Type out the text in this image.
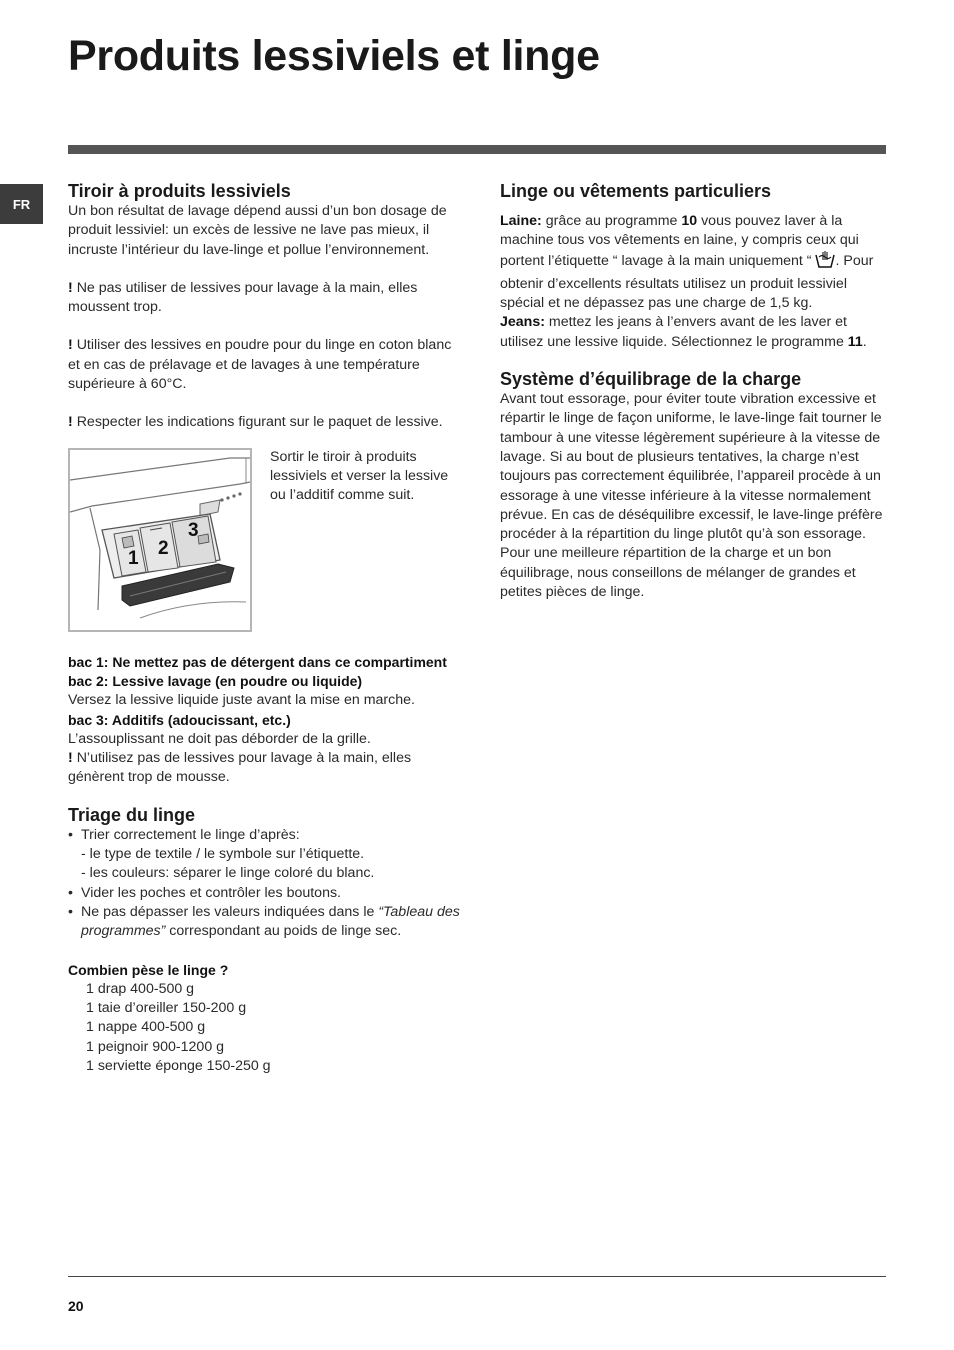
Produits lessiviels et linge
FR
Tiroir à produits lessiviels

Un bon résultat de lavage dépend aussi d’un bon dosage de produit lessiviel: un excès de lessive ne lave pas mieux, il incruste l’intérieur du lave-linge et pollue l’environnement.

! Ne pas utiliser de lessives pour lavage à la main, elles moussent trop.

! Utiliser des lessives en poudre pour du linge en coton blanc et en cas de prélavage et de lavages à une température supérieure à 60°C.

! Respecter les indications figurant sur le paquet de lessive.

1 2
3

Sortir le tiroir à produits lessiviels et verser la lessive ou l’additif comme suit.

bac 1: Ne mettez pas de détergent dans ce compartiment

bac 2: Lessive lavage (en poudre ou liquide)

Versez la lessive liquide juste avant la mise en marche.

bac 3: Additifs (adoucissant, etc.)

L’assouplissant ne doit pas déborder de la grille.

! N’utilisez pas de lessives pour lavage à la main, elles génèrent trop de mousse.

Triage du linge
• Trier correctement le linge d’après:
- le type de textile / le symbole sur l’étiquette.
- les couleurs: séparer le linge coloré du blanc.
• Vider les poches et contrôler les boutons.
• Ne pas dépasser les valeurs indiquées dans le “Tableau des programmes” correspondant au poids de linge sec.

Combien pèse le linge ?

1 drap 400-500 g

1 taie d’oreiller 150-200 g

1 nappe 400-500 g

1 peignoir 900-1200 g

1 serviette éponge 150-250 g

Linge ou vêtements particuliers

Laine: grâce au programme 10 vous pouvez laver à la machine tous vos vêtements en laine, y compris ceux qui portent l’étiquette “ lavage à la main uniquement “ . Pour obtenir d’excellents résultats utilisez un produit lessiviel spécial et ne dépassez pas une charge de 1,5 kg.

Jeans: mettez les jeans à l’envers avant de les laver et utilisez une lessive liquide. Sélectionnez le programme 11.

Système d’équilibrage de la charge

Avant tout essorage, pour éviter toute vibration excessive et répartir le linge de façon uniforme, le lave-linge fait tourner le tambour à une vitesse légèrement supérieure à la vitesse de lavage. Si au bout de plusieurs tentatives, la charge n’est toujours pas correctement équilibrée, l’appareil procède à un essorage à une vitesse inférieure à la vitesse normalement prévue. En cas de déséquilibre excessif, le lave-linge préfère procéder à la répartition du linge plutôt qu’à son essorage. Pour une meilleure répartition de la charge et un bon équilibrage, nous conseillons de mélanger de grandes et petites pièces de linge.

20
